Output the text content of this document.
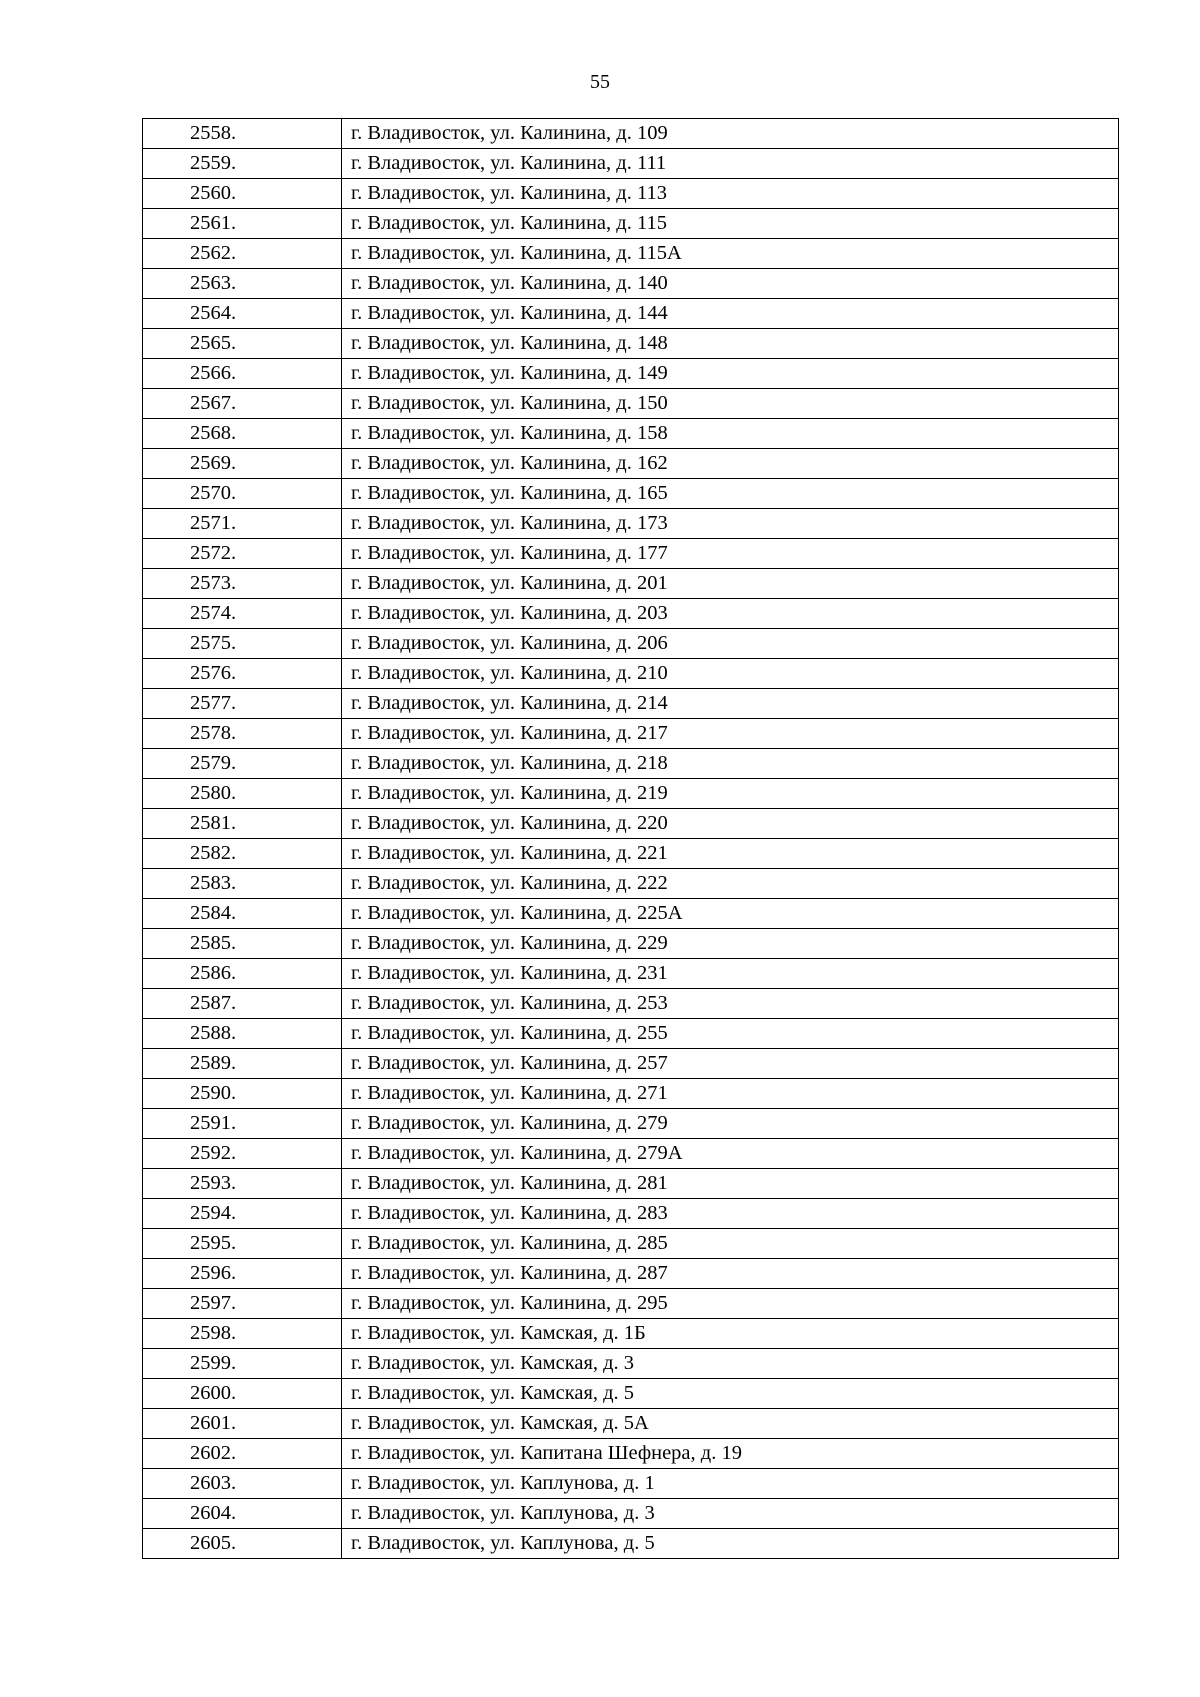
55
2558.	г. Владивосток, ул. Калинина, д. 109
2559.	г. Владивосток, ул. Калинина, д. 111
2560.	г. Владивосток, ул. Калинина, д. 113
2561.	г. Владивосток, ул. Калинина, д. 115
2562.	г. Владивосток, ул. Калинина, д. 115А
2563.	г. Владивосток, ул. Калинина, д. 140
2564.	г. Владивосток, ул. Калинина, д. 144
2565.	г. Владивосток, ул. Калинина, д. 148
2566.	г. Владивосток, ул. Калинина, д. 149
2567.	г. Владивосток, ул. Калинина, д. 150
2568.	г. Владивосток, ул. Калинина, д. 158
2569.	г. Владивосток, ул. Калинина, д. 162
2570.	г. Владивосток, ул. Калинина, д. 165
2571.	г. Владивосток, ул. Калинина, д. 173
2572.	г. Владивосток, ул. Калинина, д. 177
2573.	г. Владивосток, ул. Калинина, д. 201
2574.	г. Владивосток, ул. Калинина, д. 203
2575.	г. Владивосток, ул. Калинина, д. 206
2576.	г. Владивосток, ул. Калинина, д. 210
2577.	г. Владивосток, ул. Калинина, д. 214
2578.	г. Владивосток, ул. Калинина, д. 217
2579.	г. Владивосток, ул. Калинина, д. 218
2580.	г. Владивосток, ул. Калинина, д. 219
2581.	г. Владивосток, ул. Калинина, д. 220
2582.	г. Владивосток, ул. Калинина, д. 221
2583.	г. Владивосток, ул. Калинина, д. 222
2584.	г. Владивосток, ул. Калинина, д. 225А
2585.	г. Владивосток, ул. Калинина, д. 229
2586.	г. Владивосток, ул. Калинина, д. 231
2587.	г. Владивосток, ул. Калинина, д. 253
2588.	г. Владивосток, ул. Калинина, д. 255
2589.	г. Владивосток, ул. Калинина, д. 257
2590.	г. Владивосток, ул. Калинина, д. 271
2591.	г. Владивосток, ул. Калинина, д. 279
2592.	г. Владивосток, ул. Калинина, д. 279А
2593.	г. Владивосток, ул. Калинина, д. 281
2594.	г. Владивосток, ул. Калинина, д. 283
2595.	г. Владивосток, ул. Калинина, д. 285
2596.	г. Владивосток, ул. Калинина, д. 287
2597.	г. Владивосток, ул. Калинина, д. 295
2598.	г. Владивосток, ул. Камская, д. 1Б
2599.	г. Владивосток, ул. Камская, д. 3
2600.	г. Владивосток, ул. Камская, д. 5
2601.	г. Владивосток, ул. Камская, д. 5А
2602.	г. Владивосток, ул. Капитана Шефнера, д. 19
2603.	г. Владивосток, ул. Каплунова, д. 1
2604.	г. Владивосток, ул. Каплунова, д. 3
2605.	г. Владивосток, ул. Каплунова, д. 5
